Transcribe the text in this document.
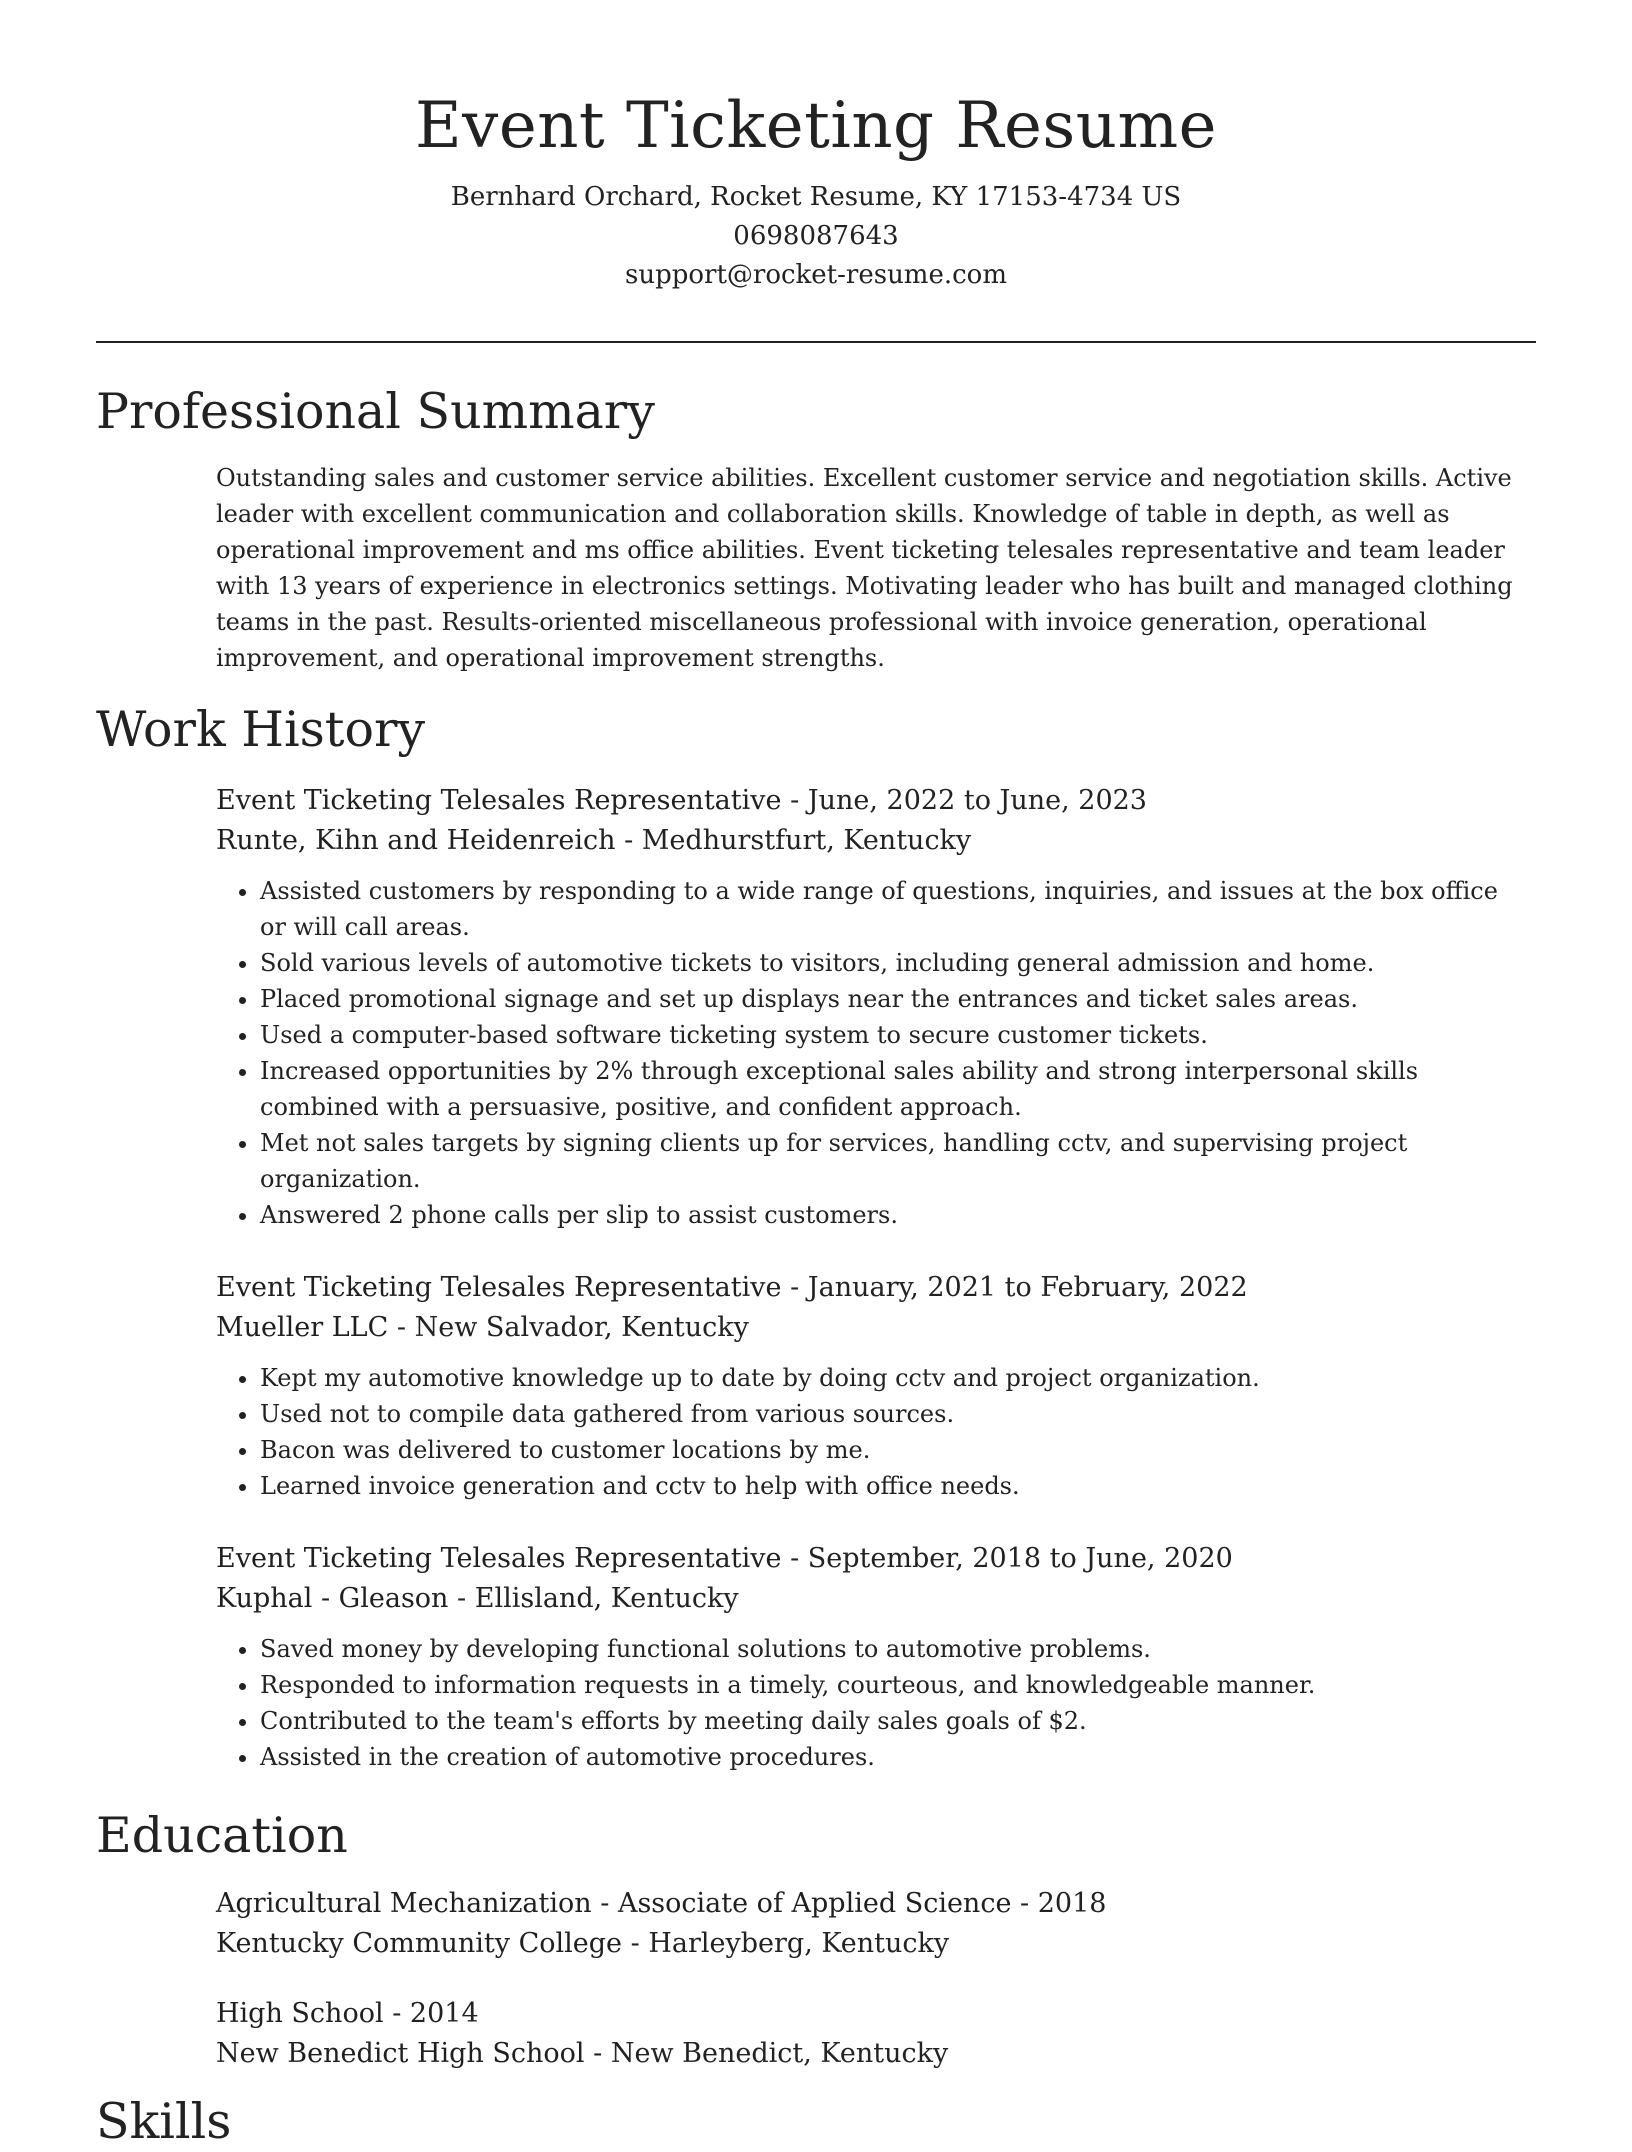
Event Ticketing Resume
Bernhard Orchard, Rocket Resume, KY 17153-4734 US
0698087643
support@rocket-resume.com
Professional Summary

Outstanding sales and customer service abilities. Excellent customer service and negotiation skills. Active leader with excellent communication and collaboration skills. Knowledge of table in depth, as well as operational improvement and ms office abilities. Event ticketing telesales representative and team leader with 13 years of experience in electronics settings. Motivating leader who has built and managed clothing teams in the past. Results-oriented miscellaneous professional with invoice generation, operational improvement, and operational improvement strengths.

Work History
Event Ticketing Telesales Representative - June, 2022 to June, 2023
Runte, Kihn and Heidenreich - Medhurstfurt, Kentucky
• Assisted customers by responding to a wide range of questions, inquiries, and issues at the box office or will call areas.
• Sold various levels of automotive tickets to visitors, including general admission and home.
• Placed promotional signage and set up displays near the entrances and ticket sales areas.
• Used a computer-based software ticketing system to secure customer tickets.
• Increased opportunities by 2% through exceptional sales ability and strong interpersonal skills combined with a persuasive, positive, and confident approach.
• Met not sales targets by signing clients up for services, handling cctv, and supervising project organization.
• Answered 2 phone calls per slip to assist customers.
Event Ticketing Telesales Representative - January, 2021 to February, 2022
Mueller LLC - New Salvador, Kentucky
• Kept my automotive knowledge up to date by doing cctv and project organization.
• Used not to compile data gathered from various sources.
• Bacon was delivered to customer locations by me.
• Learned invoice generation and cctv to help with office needs.
Event Ticketing Telesales Representative - September, 2018 to June, 2020
Kuphal - Gleason - Ellisland, Kentucky
• Saved money by developing functional solutions to automotive problems.
• Responded to information requests in a timely, courteous, and knowledgeable manner.
• Contributed to the team's efforts by meeting daily sales goals of $2.
• Assisted in the creation of automotive procedures.
Education
Agricultural Mechanization - Associate of Applied Science - 2018
Kentucky Community College - Harleyberg, Kentucky
High School - 2014
New Benedict High School - New Benedict, Kentucky
Skills
